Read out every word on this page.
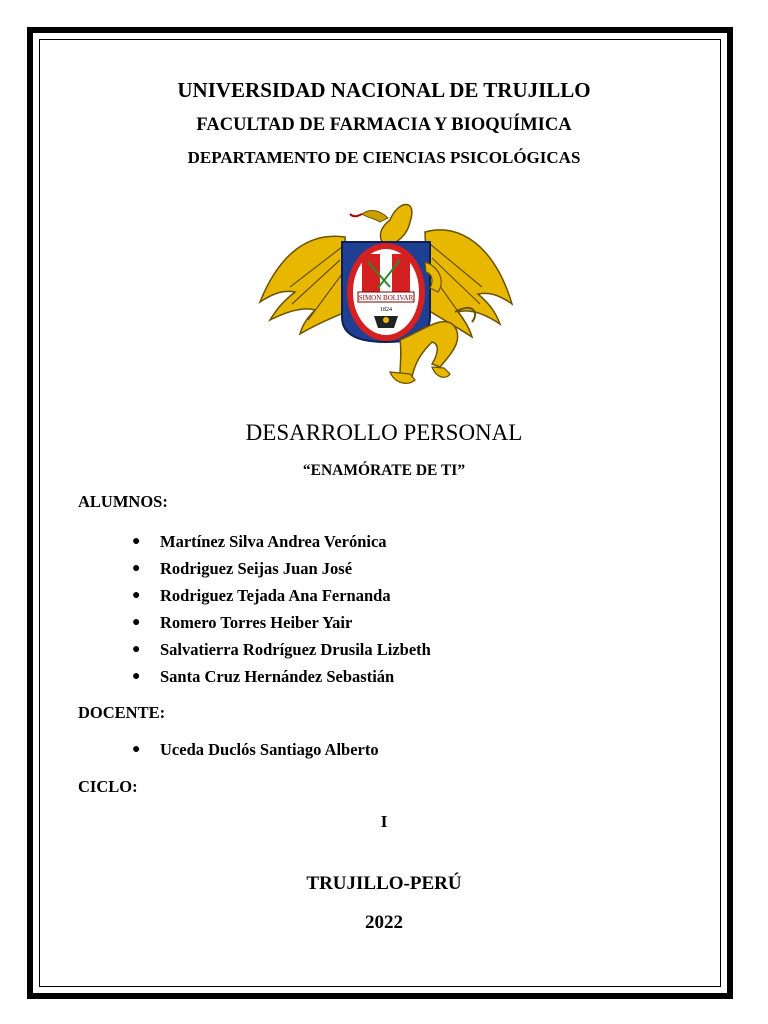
UNIVERSIDAD NACIONAL DE TRUJILLO
FACULTAD DE FARMACIA Y BIOQUÍMICA
DEPARTAMENTO DE CIENCIAS PSICOLÓGICAS
SIMON BOLIVAR
1824
DESARROLLO PERSONAL
“ENAMÓRATE DE TI”
ALUMNOS:
● Martínez Silva Andrea Verónica
● Rodriguez Seijas Juan José
● Rodriguez Tejada Ana Fernanda
● Romero Torres Heiber Yair
● Salvatierra Rodríguez Drusila Lizbeth
● Santa Cruz Hernández Sebastián
DOCENTE:
● Uceda Duclós Santiago Alberto
CICLO:
I
TRUJILLO-PERÚ
2022
